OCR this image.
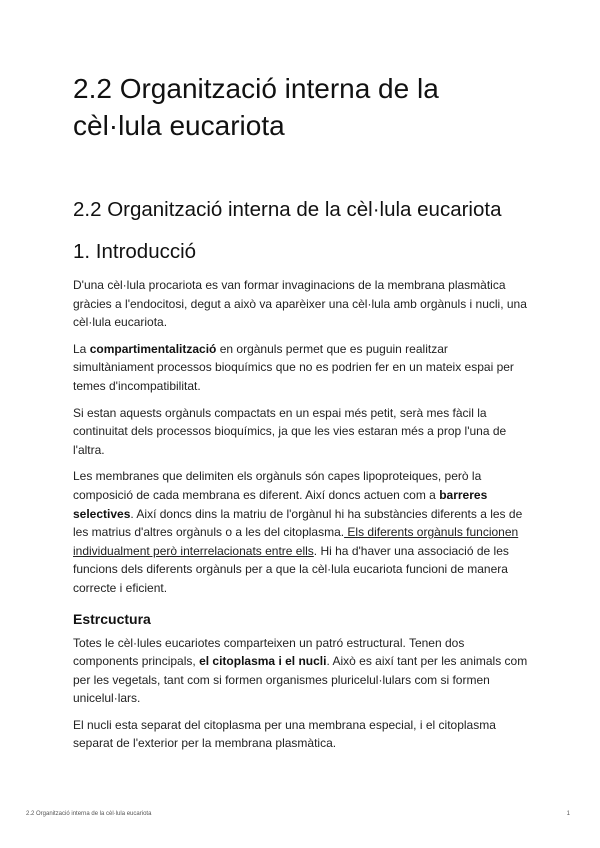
2.2 Organització interna de la cèl·lula eucariota
2.2 Organització interna de la cèl·lula eucariota
1. Introducció

D'una cèl·lula procariota es van formar invaginacions de la membrana plasmàtica gràcies a l'endocitosi, degut a això va aparèixer una cèl·lula amb orgànuls i nucli, una cèl·lula eucariota.

La compartimentalització en orgànuls permet que es puguin realitzar simultàniament processos bioquímics que no es podrien fer en un mateix espai per temes d'incompatibilitat.

Si estan aquests orgànuls compactats en un espai més petit, serà mes fàcil la continuitat dels processos bioquímics, ja que les vies estaran més a prop l'una de l'altra.

Les membranes que delimiten els orgànuls són capes lipoproteiques, però la composició de cada membrana es diferent. Així doncs actuen com a barreres selectives. Així doncs dins la matriu de l'orgànul hi ha substàncies diferents a les de les matrius d'altres orgànuls o a les del citoplasma. Els diferents orgànuls funcionen individualment però interrelacionats entre ells. Hi ha d'haver una associació de les funcions dels diferents orgànuls per a que la cèl·lula eucariota funcioni de manera correcte i eficient.

Estrcuctura

Totes le cèl·lules eucariotes comparteixen un patró estructural. Tenen dos components principals, el citoplasma i el nucli. Això es així tant per les animals com per les vegetals, tant com si formen organismes pluricelul·lulars com si formen unicelul·lars.

El nucli esta separat del citoplasma per una membrana especial, i el citoplasma separat de l'exterior per la membrana plasmàtica.

2.2 Organització interna de la cèl·lula eucariota	1
